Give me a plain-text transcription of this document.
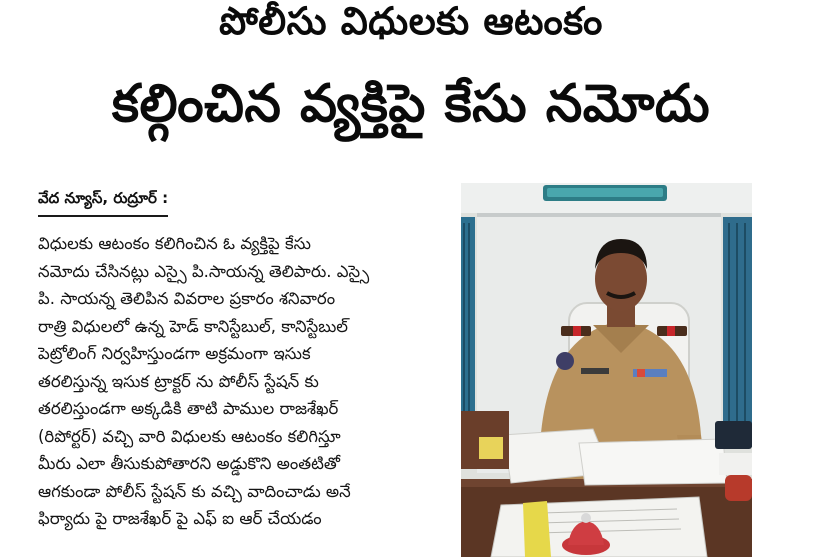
పోలీసు విధులకు ఆటంకం
కల్గించిన వ్యక్తిపై కేసు నమోదు
వేద న్యూస్, రుద్రూర్ :
విధులకు ఆటంకం కలిగించిన ఓ వ్యక్తిపై కేసు
నమోదు చేసినట్లు ఎస్సై పి.సాయన్న తెలిపారు. ఎస్సై
పి. సాయన్న తెలిపిన వివరాల ప్రకారం శనివారం
రాత్రి విధులలో ఉన్న హెడ్ కానిస్టేబుల్, కానిస్టేబుల్
పెట్రోలింగ్ నిర్వహిస్తుండగా అక్రమంగా ఇసుక
తరలిస్తున్న ఇసుక ట్రాక్టర్ ను పోలీస్ స్టేషన్ కు
తరలిస్తుండగా అక్కడికి తాటి పాముల రాజశేఖర్
(రిపోర్టర్) వచ్చి వారి విధులకు ఆటంకం కలిగిస్తూ
మీరు ఎలా తీసుకుపోతారని అడ్డుకొని అంతటితో
ఆగకుండా పోలీస్ స్టేషన్ కు వచ్చి వాదించాడు అనే
ఫిర్యాదు పై రాజశేఖర్ పై ఎఫ్ ఐ ఆర్ చేయడం
